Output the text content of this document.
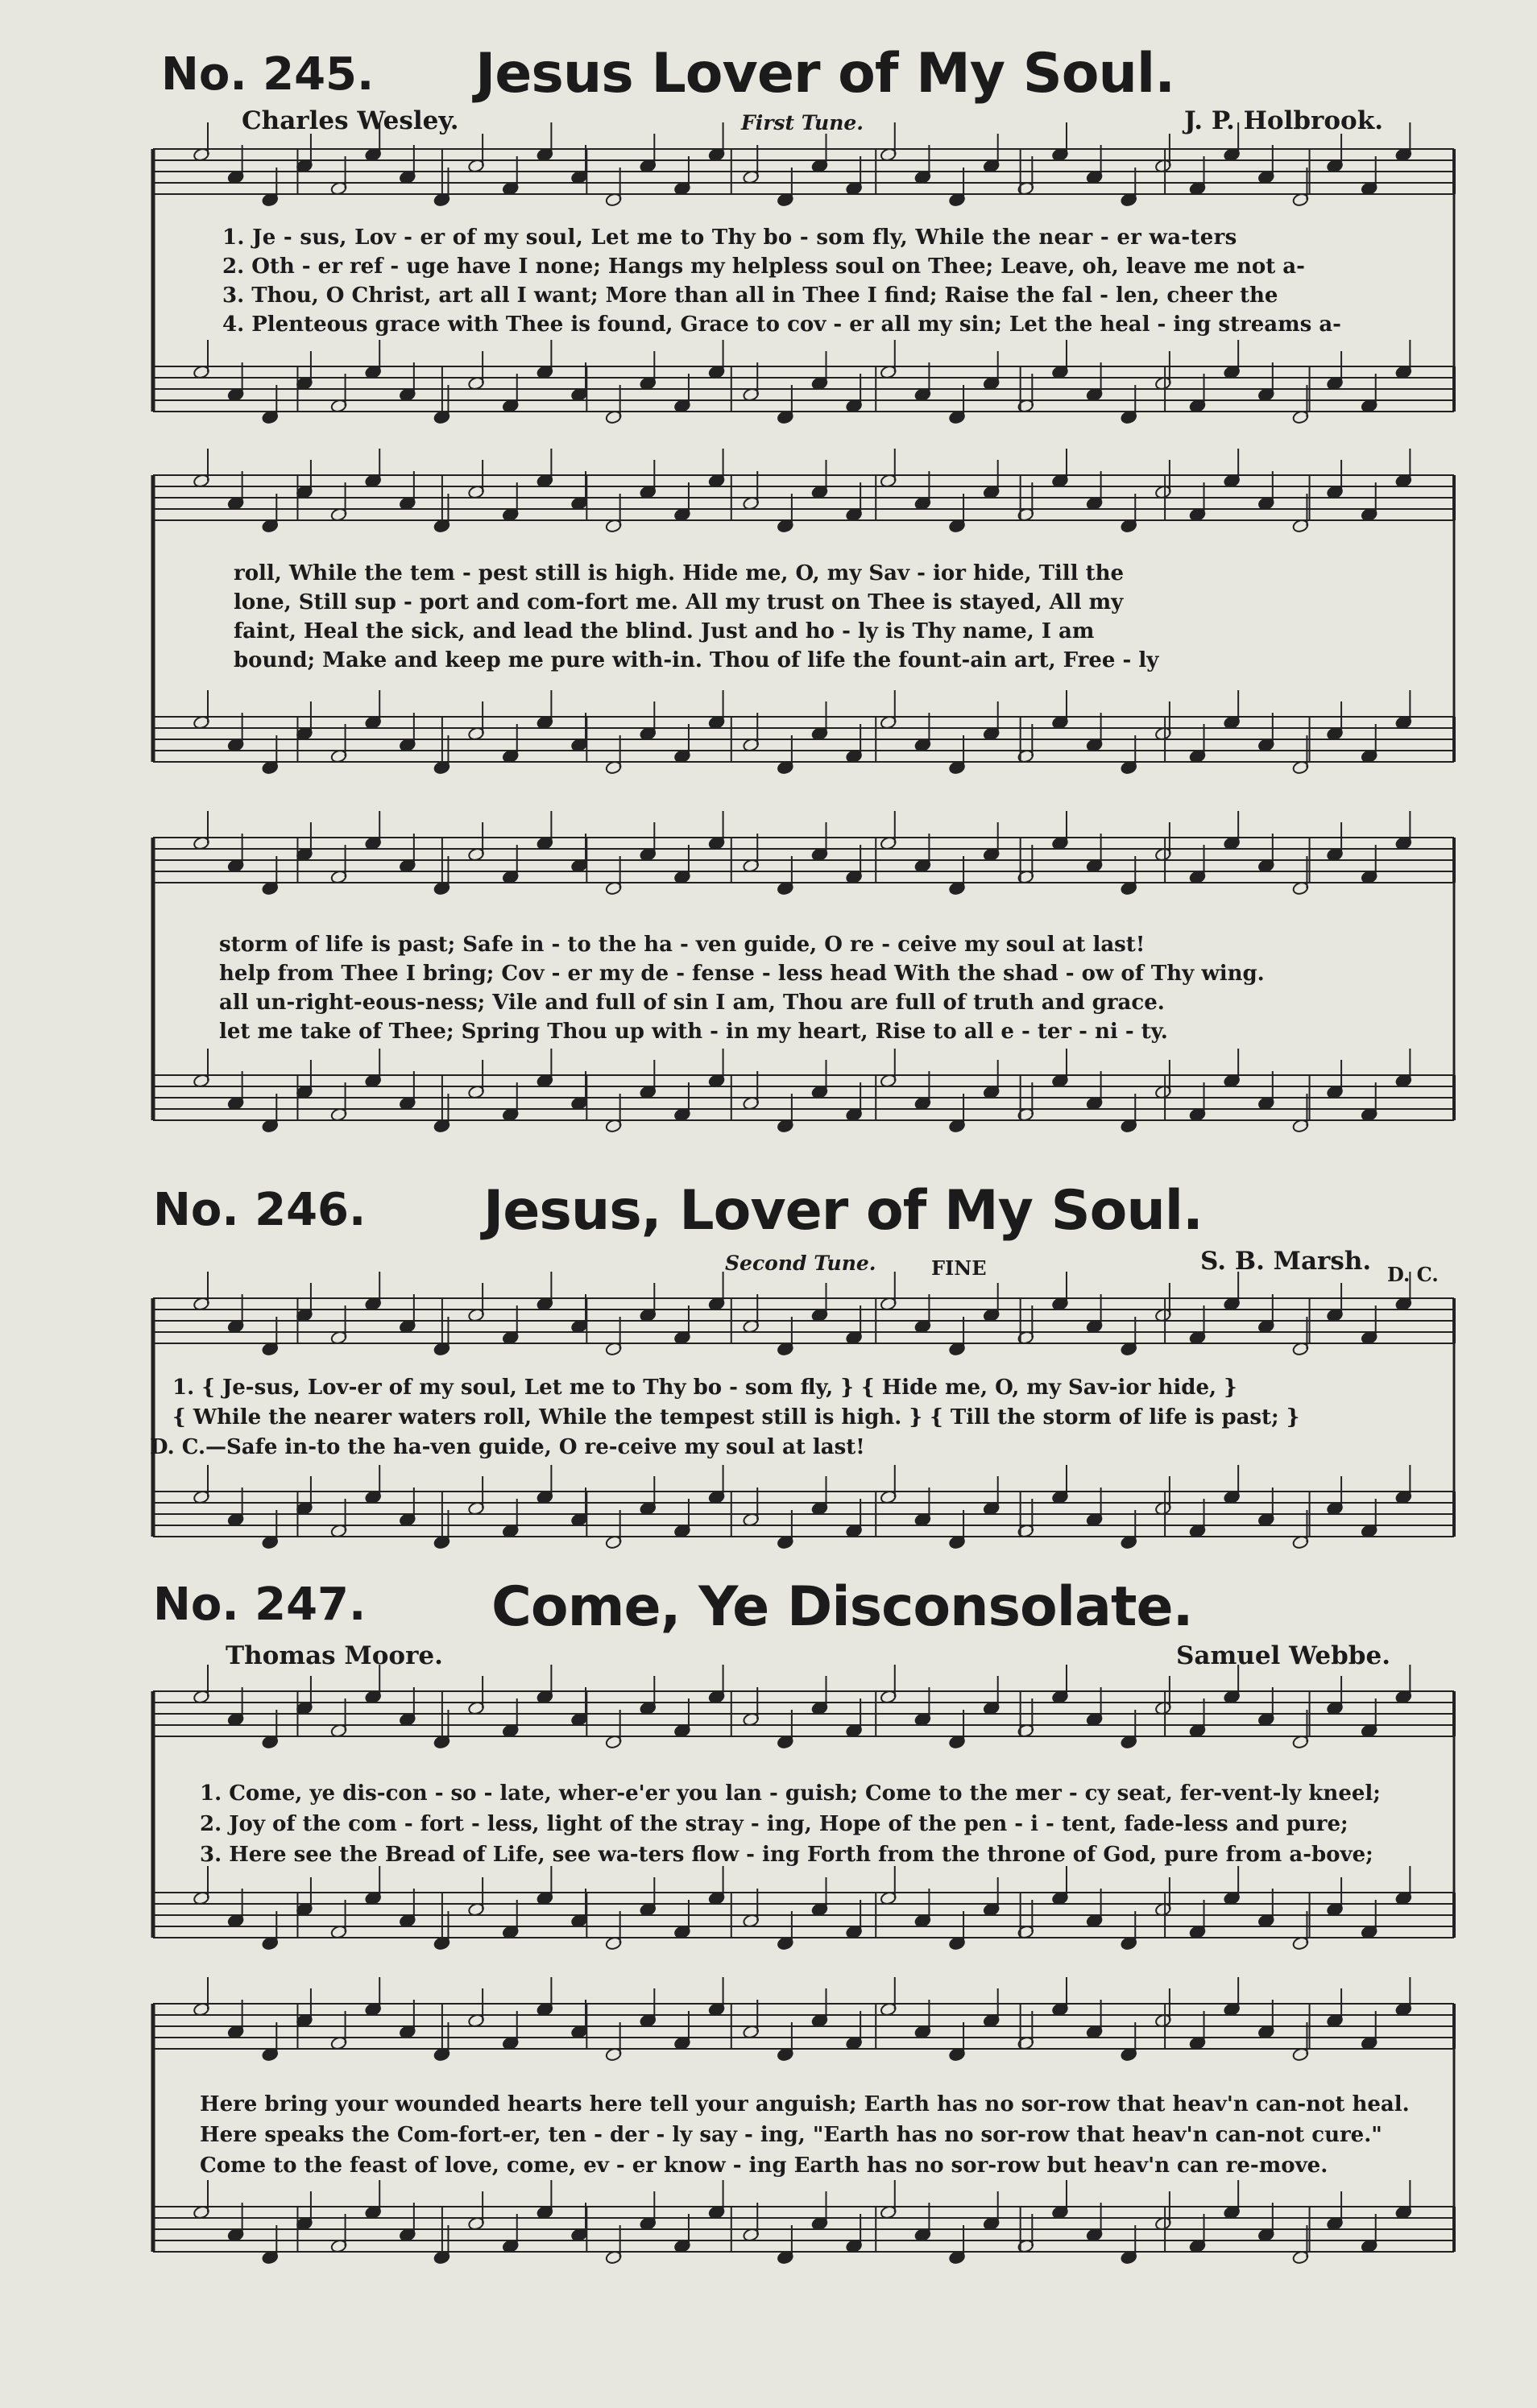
No. 245.	Jesus Lover of My Soul.
Charles Wesley.	First Tune.	J. P. Holbrook.
1. Je - sus, Lov - er of my soul, Let me to Thy bo - som fly, While the near - er wa-ters
2. Oth - er ref - uge have I none; Hangs my helpless soul on Thee; Leave, oh, leave me not a-
3. Thou, O Christ, art all I want; More than all in Thee I find; Raise the fal - len, cheer the
4. Plenteous grace with Thee is found, Grace to cov - er all my sin; Let the heal - ing streams a-
roll, While the tem - pest still is high. Hide me, O, my Sav - ior hide, Till the
lone, Still sup - port and com-fort me. All my trust on Thee is stayed, All my
faint, Heal the sick, and lead the blind. Just and ho - ly is Thy name, I am
bound; Make and keep me pure with-in. Thou of life the fount-ain art, Free - ly
storm of life is past; Safe in - to the ha - ven guide, O re - ceive my soul at last!
help from Thee I bring; Cov - er my de - fense - less head With the shad - ow of Thy wing.
all un-right-eous-ness; Vile and full of sin I am, Thou are full of truth and grace.
let me take of Thee; Spring Thou up with - in my heart, Rise to all e - ter - ni - ty.
No. 246.	Jesus, Lover of My Soul.
Second Tune.	FINE	S. B. Marsh. D. C.
1. { Je-sus, Lov-er of my soul, Let me to Thy bo - som fly, } { Hide me, O, my Sav-ior hide, }
{ While the nearer waters roll, While the tempest still is high. } { Till the storm of life is past; }
D. C.—Safe in-to the ha-ven guide, O re-ceive my soul at last!
No. 247.	Come, Ye Disconsolate.
Thomas Moore.	Samuel Webbe.
1. Come, ye dis-con - so - late, wher-e'er you lan - guish; Come to the mer - cy seat, fer-vent-ly kneel;
2. Joy of the com - fort - less, light of the stray - ing, Hope of the pen - i - tent, fade-less and pure;
3. Here see the Bread of Life, see wa-ters flow - ing Forth from the throne of God, pure from a-bove;
Here bring your wounded hearts here tell your anguish; Earth has no sor-row that heav'n can-not heal.
Here speaks the Com-fort-er, ten - der - ly say - ing, "Earth has no sor-row that heav'n can-not cure."
Come to the feast of love, come, ev - er know - ing Earth has no sor-row but heav'n can re-move.
